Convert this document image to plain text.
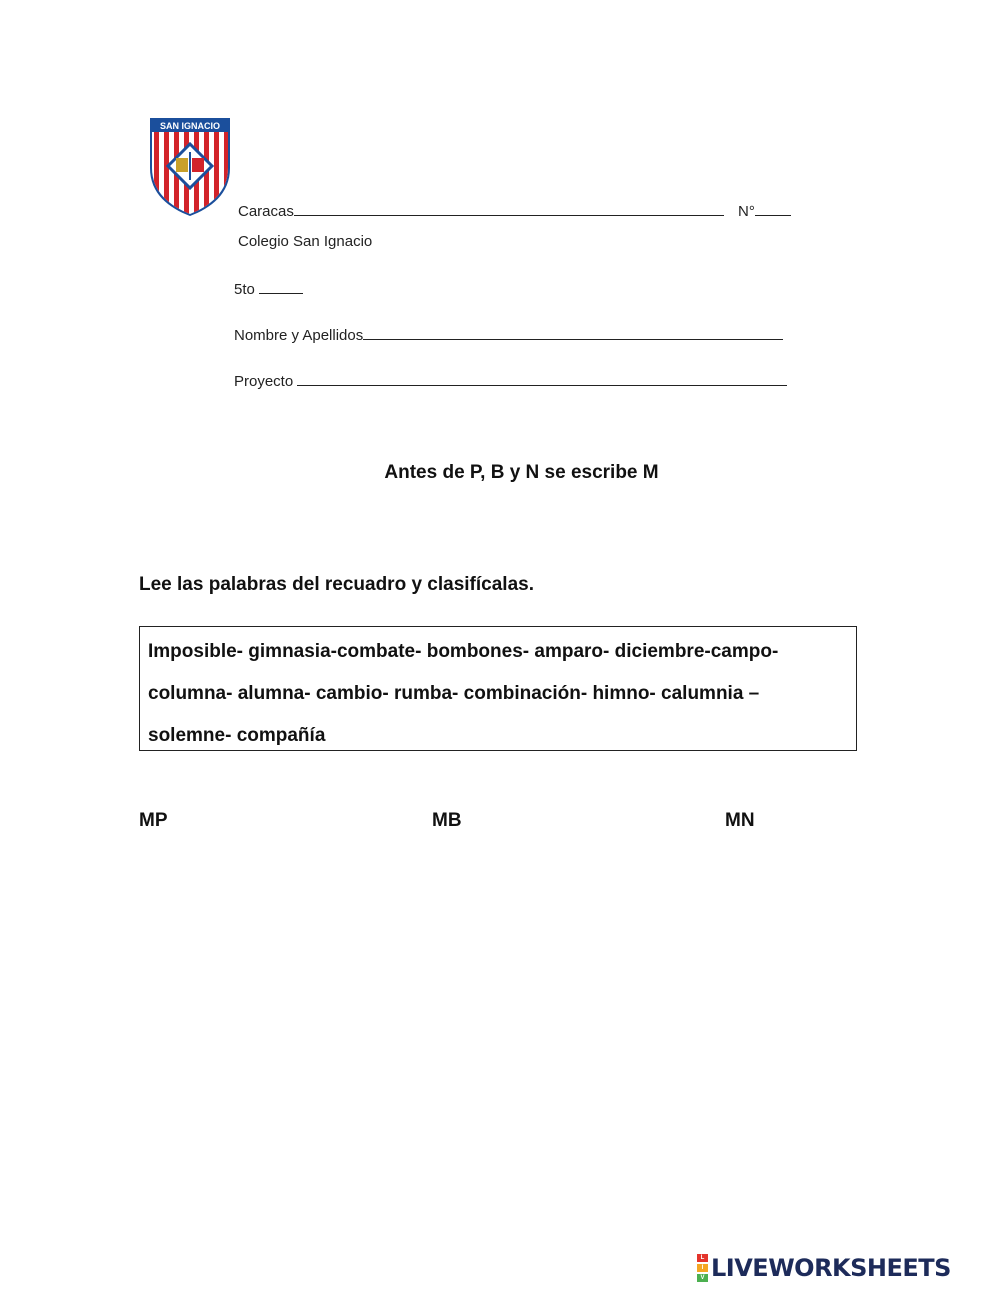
SAN IGNACIO
Caracas	N°
Colegio San Ignacio
5to
Nombre y Apellidos
Proyecto
Antes de P, B y N se escribe M
Lee las palabras del recuadro y clasifícalas.
Imposible- gimnasia-combate- bombones- amparo- diciembre-campo-
columna- alumna- cambio- rumba- combinación- himno- calumnia –
solemne- compañía
MP	MB	MN
L
I
V LIVEWORKSHEETS
